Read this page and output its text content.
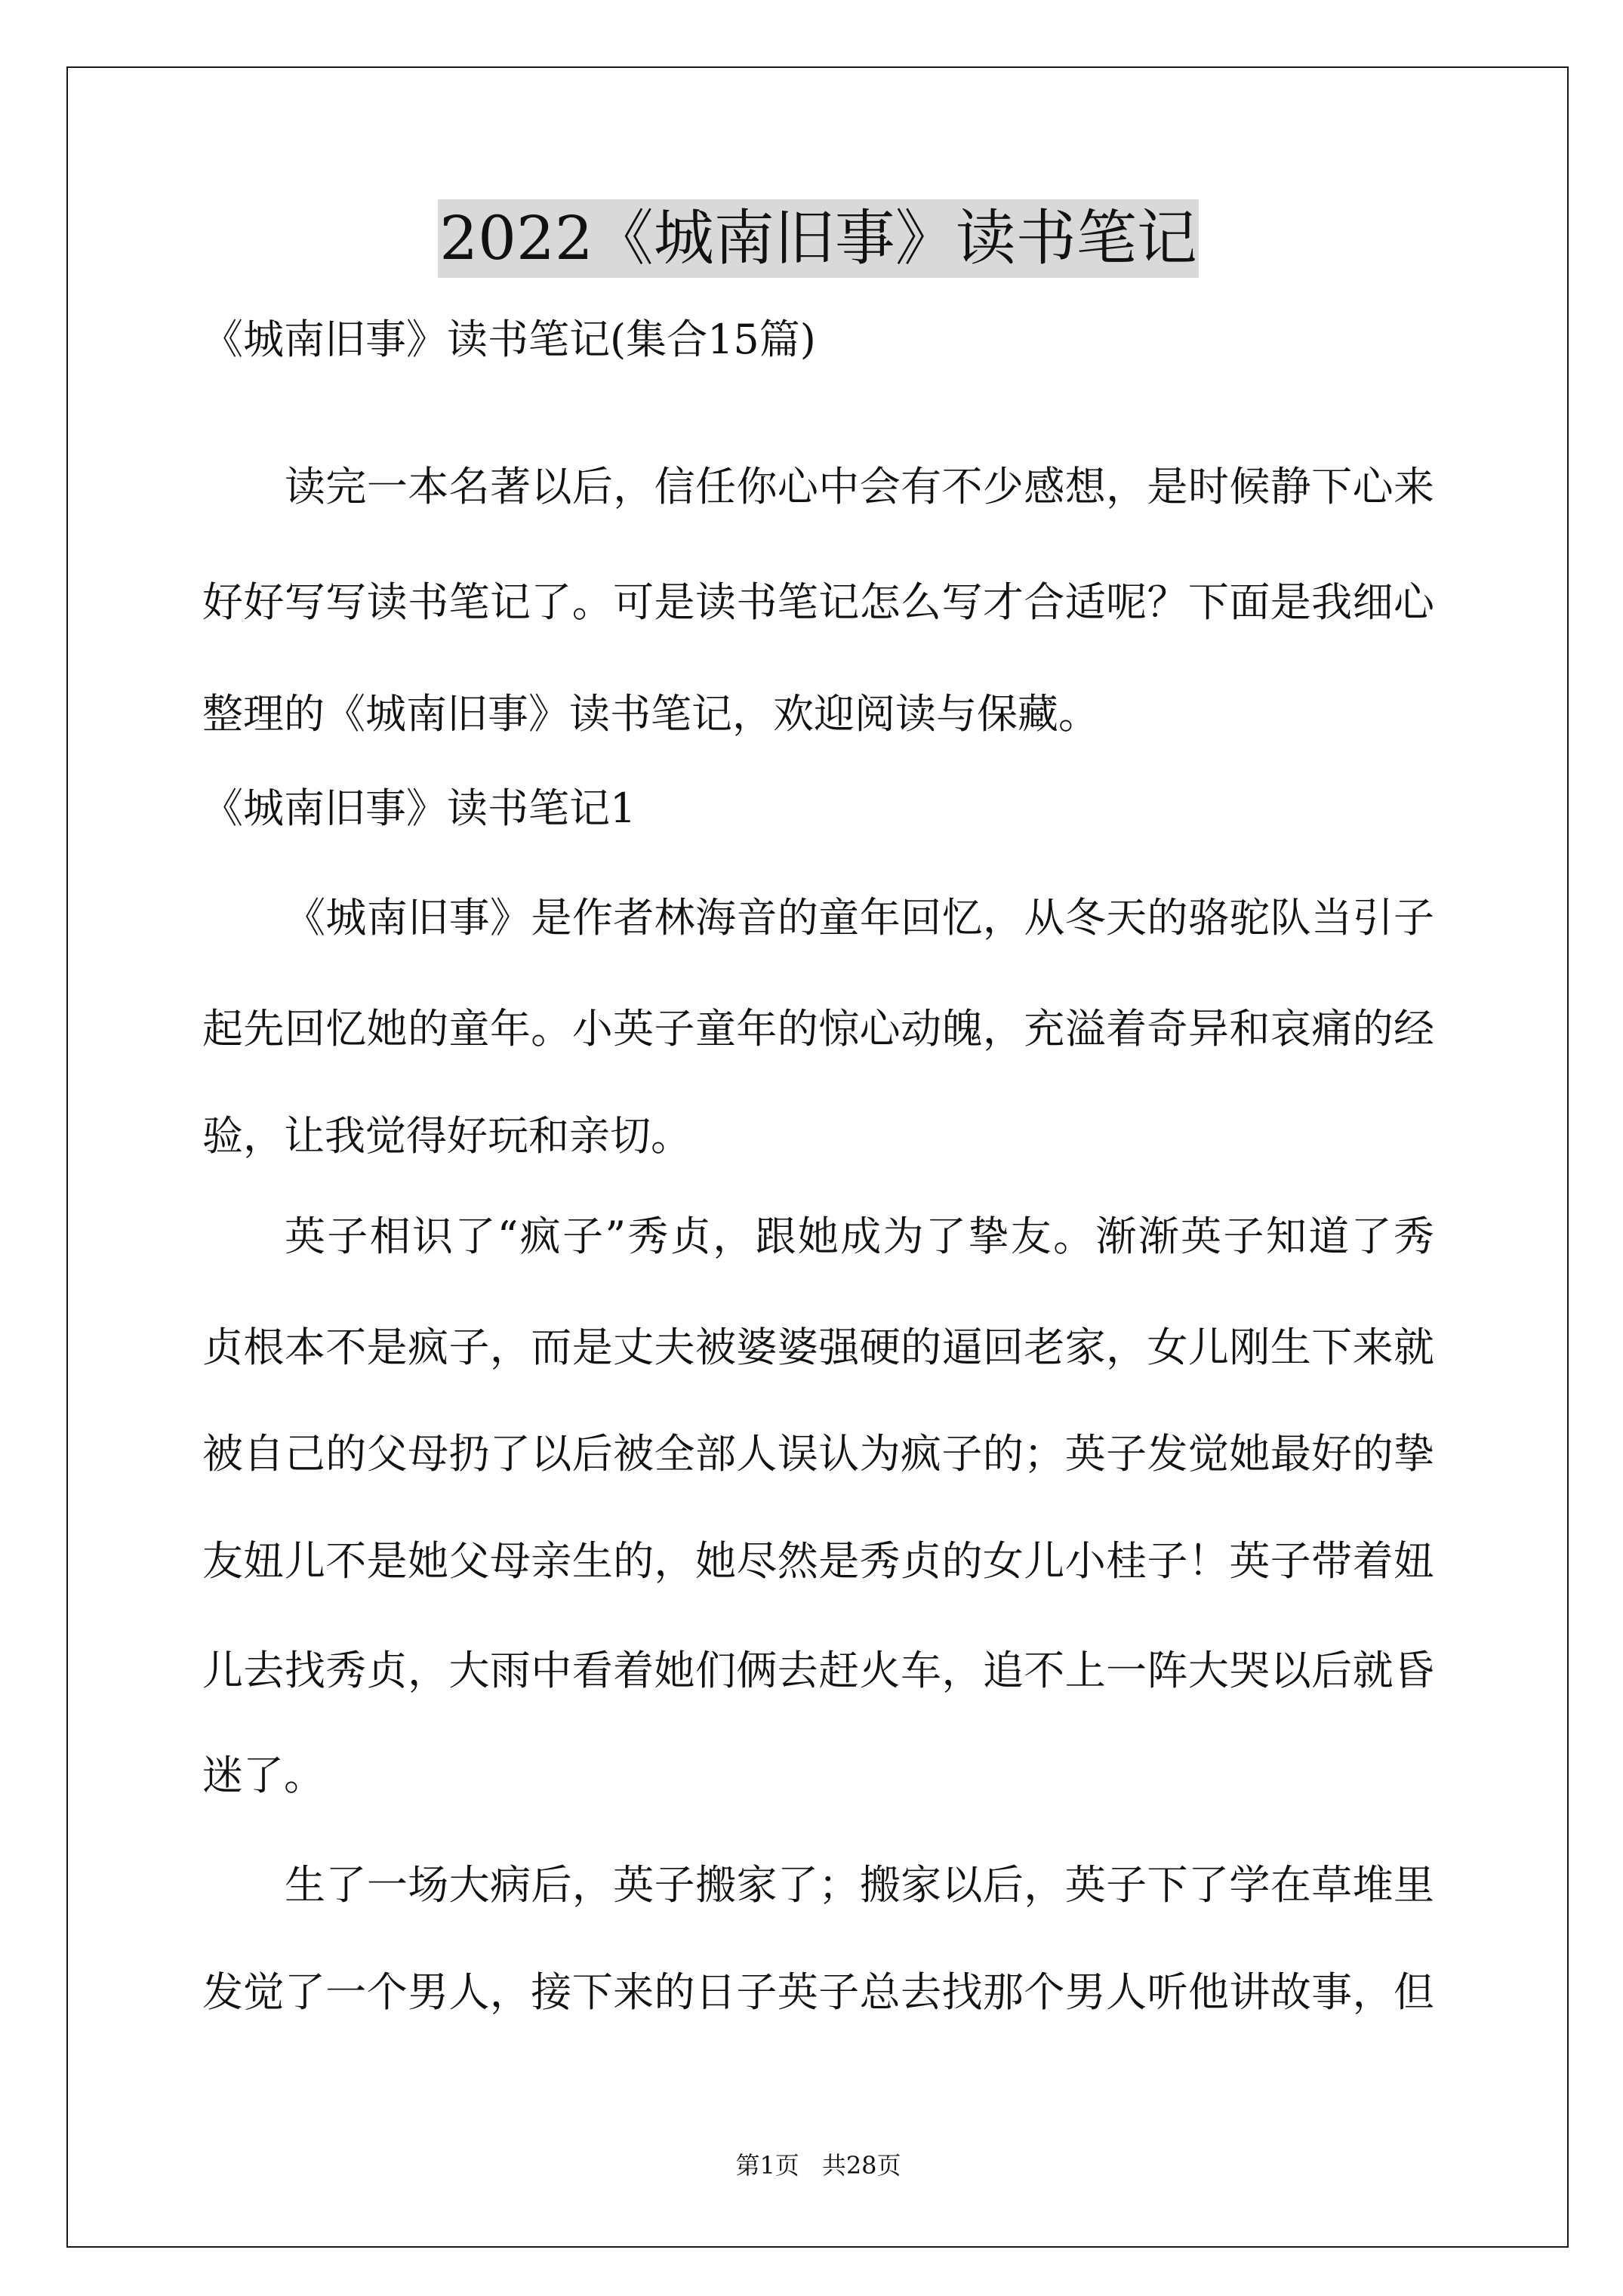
2022《城南旧事》读书笔记
《城南旧事》读书笔记(集合15篇)
读完一本名著以后，信任你心中会有不少感想，是时候静下心来
好好写写读书笔记了。可是读书笔记怎么写才合适呢？下面是我细心
整理的《城南旧事》读书笔记，欢迎阅读与保藏。
《城南旧事》读书笔记1
《城南旧事》是作者林海音的童年回忆，从冬天的骆驼队当引子
起先回忆她的童年。小英子童年的惊心动魄，充溢着奇异和哀痛的经
验，让我觉得好玩和亲切。
英子相识了“疯子”秀贞，跟她成为了挚友。渐渐英子知道了秀
贞根本不是疯子，而是丈夫被婆婆强硬的逼回老家，女儿刚生下来就
被自己的父母扔了以后被全部人误认为疯子的；英子发觉她最好的挚
友妞儿不是她父母亲生的，她尽然是秀贞的女儿小桂子！英子带着妞
儿去找秀贞，大雨中看着她们俩去赶火车，追不上一阵大哭以后就昏
迷了。
生了一场大病后，英子搬家了；搬家以后，英子下了学在草堆里
发觉了一个男人，接下来的日子英子总去找那个男人听他讲故事，但
第1页 共28页
